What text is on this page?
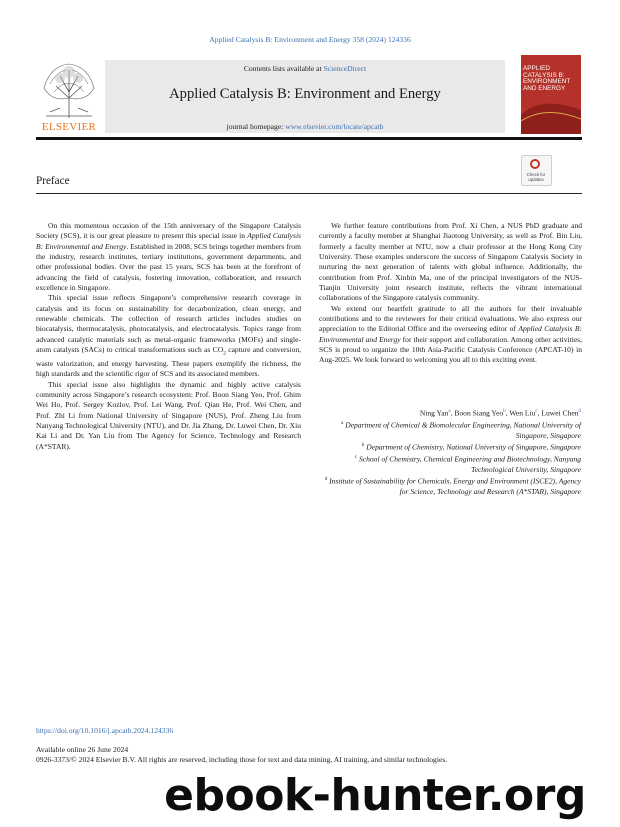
Applied Catalysis B: Environment and Energy 358 (2024) 124336
ELSEVIER
Contents lists available at ScienceDirect
Applied Catalysis B: Environment and Energy
journal homepage: www.elsevier.com/locate/apcatb
APPLIED
CATALYSIS B:
ENVIRONMENT
AND ENERGY
Check for
updates
Preface

On this momentous occasion of the 15th anniversary of the Singapore Catalysis Society (SCS), it is our great pleasure to present this special issue in Applied Catalysis B: Environmental and Energy. Established in 2008, SCS brings together members from the industry, research institutes, tertiary institutions, government departments, and other professional bodies. Over the past 15 years, SCS has been at the forefront of advancing the field of catalysis, fostering innovation, collaboration, and research excellence in Singapore.

This special issue reflects Singapore’s comprehensive research coverage in catalysis and its focus on sustainability for decarbonization, clean energy, and renewable chemicals. The collection of research articles includes studies on biocatalysis, thermocatalysis, photocatalysis, and electrocatalysis. Topics range from advanced catalytic materials such as metal-organic frameworks (MOFs) and single-atom catalysts (SACs) to critical transformations such as $CO_2$ capture and conversion, waste valorization, and energy harvesting. These papers exemplify the richness, the high standards and the scientific rigor of SCS and its associated members.

This special issue also highlights the dynamic and highly active catalysis community across Singapore’s research ecosystem: Prof. Boon Siang Yeo, Prof. Ghim Wei Ho, Prof. Sergey Kozlov, Prof. Lei Wang, Prof. Qian He, Prof. Wei Chen, and Prof. Zhi Li from National University of Singapore (NUS), Prof. Zheng Liu from Nanyang Technological University (NTU), and Dr. Jia Zhang, Dr. Luwei Chen, Dr. Xiu Kai Li and Dr. Yan Liu from The Agency for Science, Technology and Research (A*STAR).

We further feature contributions from Prof. Xi Chen, a NUS PhD graduate and currently a faculty member at Shanghai Jiaotong University, as well as Prof. Bin Liu, formerly a faculty member at NTU, now a chair professor at the Hong Kong City University. These examples underscore the success of Singapore Catalysis Society in nurturing the next generation of talents with global influence. Additionally, the contribution from Prof. Xinbin Ma, one of the principal investigators of the NUS-Tianjin University joint research institute, reflects the vibrant international collaborations of the Singapore catalysis community.

We extend our heartfelt gratitude to all the authors for their invaluable contributions and to the reviewers for their critical evaluations. We also express our appreciation to the Editorial Office and the overseeing editor of Applied Catalysis B: Environmental and Energy for their support and collaboration. Among other activities, SCS is proud to organize the 10th Asia-Pacific Catalysis Conference (APCAT-10) in Aug-2025. We look forward to welcoming you all to this exciting event.

Ning Yan$^a$, Boon Siang Yeo$^b$, Wen Liu$^c$, Luwei Chen$^d$
$^a$ Department of Chemical & Biomolecular Engineering, National University of Singapore, Singapore
$^b$ Department of Chemistry, National University of Singapore, Singapore
$^c$ School of Chemistry, Chemical Engineering and Biotechnology, Nanyang Technological University, Singapore
$^d$ Institute of Sustainability for Chemicals, Energy and Environment (ISCE2), Agency for Science, Technology and Research (A*STAR), Singapore
https://doi.org/10.1016/j.apcatb.2024.124336
Available online 26 June 2024
0926-3373/© 2024 Elsevier B.V. All rights are reserved, including those for text and data mining, AI training, and similar technologies.
ebook-hunter.org
